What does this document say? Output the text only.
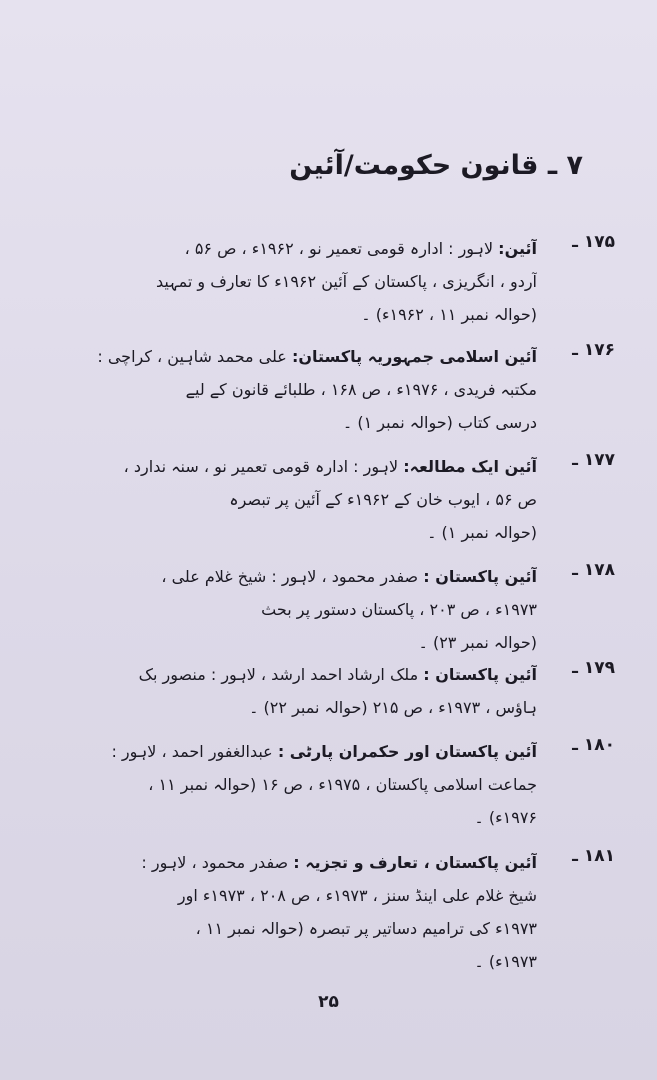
۷ ـ قانون حکومت/آئین
۱۷۵ ـ
آئین: لاہور : ادارہ قومی تعمیر نو ، ۱۹۶۲ء ، ص ۵۶ ،
آردو ، انگریزی ، پاکستان کے آئین ۱۹۶۲ء کا تعارف و تمہید
(حوالہ نمبر ۱۱ ، ۱۹۶۲ء) ۔
۱۷۶ ـ
آئین اسلامی جمہوریہ پاکستان: علی محمد شاہین ، کراچی :
مکتبہ فریدی ، ۱۹۷۶ء ، ص ۱۶۸ ، طلبائے قانون کے لیے
درسی کتاب (حوالہ نمبر ۱) ۔
۱۷۷ ـ
آئین ایک مطالعہ: لاہور : ادارہ قومی تعمیر نو ، سنہ ندارد ،
ص ۵۶ ، ایوب خان کے ۱۹۶۲ء کے آئین پر تبصرہ
(حوالہ نمبر ۱) ۔
۱۷۸ ـ
آئین پاکستان : صفدر محمود ، لاہور : شیخ غلام علی ،
۱۹۷۳ء ، ص ۲۰۳ ، پاکستان دستور پر بحث
(حوالہ نمبر ۲۳) ۔
۱۷۹ ـ
آئین پاکستان : ملک ارشاد احمد ارشد ، لاہور : منصور بک
ہاؤس ، ۱۹۷۳ء ، ص ۲۱۵ (حوالہ نمبر ۲۲) ۔
۱۸۰ ـ
آئین پاکستان اور حکمران پارٹی : عبدالغفور احمد ، لاہور :
جماعت اسلامی پاکستان ، ۱۹۷۵ء ، ص ۱۶ (حوالہ نمبر ۱۱ ،
۱۹۷۶ء) ۔
۱۸۱ ـ
آئین پاکستان ، تعارف و تجزیہ : صفدر محمود ، لاہور :
شیخ غلام علی اینڈ سنز ، ۱۹۷۳ء ، ص ۲۰۸ ، ۱۹۷۳ء اور
۱۹۷۳ء کی ترامیم دساتیر پر تبصرہ (حوالہ نمبر ۱۱ ،
۱۹۷۳ء) ۔
۲۵
